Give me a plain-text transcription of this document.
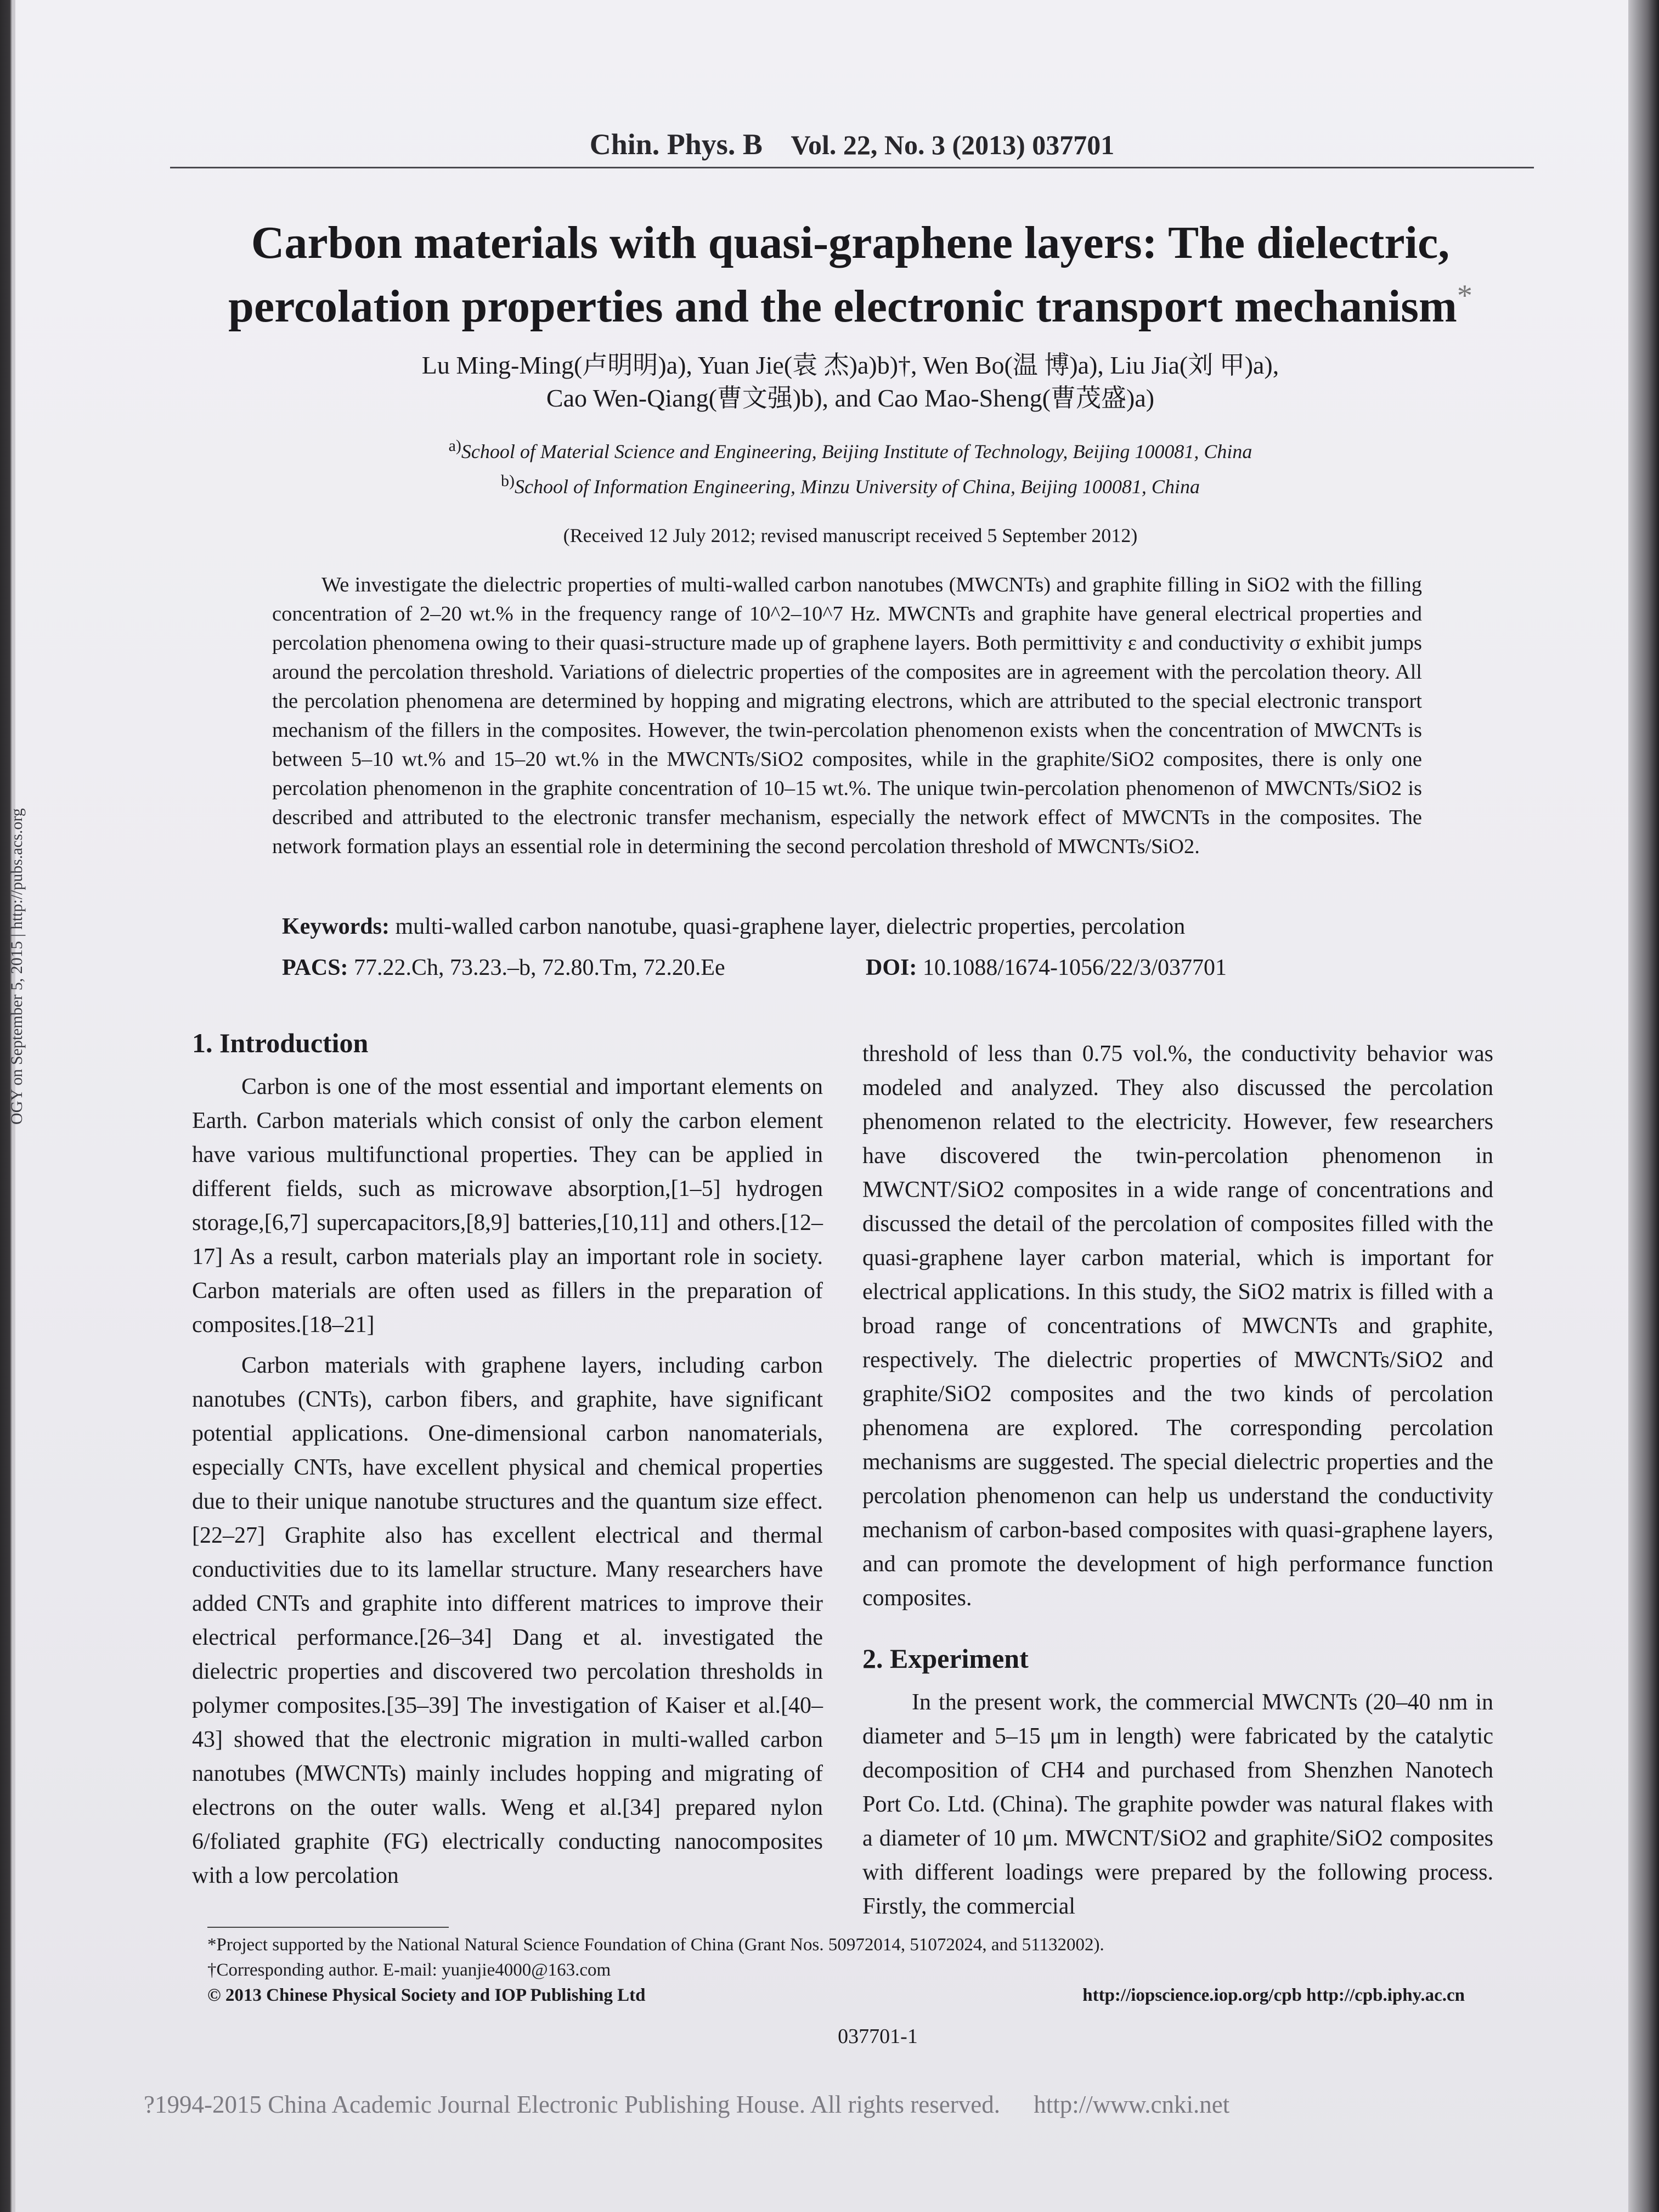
OGY on September 5, 2015 | http://pubs.acs.org
Chin. Phys. B Vol. 22, No. 3 (2013) 037701
Carbon materials with quasi-graphene layers: The dielectric,
percolation properties and the electronic transport mechanism*
Lu Ming-Ming(卢明明)a), Yuan Jie(袁 杰)a)b)†, Wen Bo(温 博)a), Liu Jia(刘 甲)a),
Cao Wen-Qiang(曹文强)b), and Cao Mao-Sheng(曹茂盛)a)
$^{a)}$School of Material Science and Engineering, Beijing Institute of Technology, Beijing 100081, China
$^{b)}$School of Information Engineering, Minzu University of China, Beijing 100081, China
(Received 12 July 2012; revised manuscript received 5 September 2012)
We investigate the dielectric properties of multi-walled carbon nanotubes (MWCNTs) and graphite filling in SiO2 with the filling concentration of 2–20 wt.% in the frequency range of 10^2–10^7 Hz. MWCNTs and graphite have general electrical properties and percolation phenomena owing to their quasi-structure made up of graphene layers. Both permittivity ε and conductivity σ exhibit jumps around the percolation threshold. Variations of dielectric properties of the composites are in agreement with the percolation theory. All the percolation phenomena are determined by hopping and migrating electrons, which are attributed to the special electronic transport mechanism of the fillers in the composites. However, the twin-percolation phenomenon exists when the concentration of MWCNTs is between 5–10 wt.% and 15–20 wt.% in the MWCNTs/SiO2 composites, while in the graphite/SiO2 composites, there is only one percolation phenomenon in the graphite concentration of 10–15 wt.%. The unique twin-percolation phenomenon of MWCNTs/SiO2 is described and attributed to the electronic transfer mechanism, especially the network effect of MWCNTs in the composites. The network formation plays an essential role in determining the second percolation threshold of MWCNTs/SiO2.
Keywords: multi-walled carbon nanotube, quasi-graphene layer, dielectric properties, percolation
PACS: 77.22.Ch, 73.23.–b, 72.80.Tm, 72.20.Ee	DOI: 10.1088/1674-1056/22/3/037701
1. Introduction

Carbon is one of the most essential and important elements on Earth. Carbon materials which consist of only the carbon element have various multifunctional properties. They can be applied in different fields, such as microwave absorption,[1–5] hydrogen storage,[6,7] supercapacitors,[8,9] batteries,[10,11] and others.[12–17] As a result, carbon materials play an important role in society. Carbon materials are often used as fillers in the preparation of composites.[18–21]

Carbon materials with graphene layers, including carbon nanotubes (CNTs), carbon fibers, and graphite, have significant potential applications. One-dimensional carbon nanomaterials, especially CNTs, have excellent physical and chemical properties due to their unique nanotube structures and the quantum size effect.[22–27] Graphite also has excellent electrical and thermal conductivities due to its lamellar structure. Many researchers have added CNTs and graphite into different matrices to improve their electrical performance.[26–34] Dang et al. investigated the dielectric properties and discovered two percolation thresholds in polymer composites.[35–39] The investigation of Kaiser et al.[40–43] showed that the electronic migration in multi-walled carbon nanotubes (MWCNTs) mainly includes hopping and migrating of electrons on the outer walls. Weng et al.[34] prepared nylon 6/foliated graphite (FG) electrically conducting nanocomposites with a low percolation

threshold of less than 0.75 vol.%, the conductivity behavior was modeled and analyzed. They also discussed the percolation phenomenon related to the electricity. However, few researchers have discovered the twin-percolation phenomenon in MWCNT/SiO2 composites in a wide range of concentrations and discussed the detail of the percolation of composites filled with the quasi-graphene layer carbon material, which is important for electrical applications. In this study, the SiO2 matrix is filled with a broad range of concentrations of MWCNTs and graphite, respectively. The dielectric properties of MWCNTs/SiO2 and graphite/SiO2 composites and the two kinds of percolation phenomena are explored. The corresponding percolation mechanisms are suggested. The special dielectric properties and the percolation phenomenon can help us understand the conductivity mechanism of carbon-based composites with quasi-graphene layers, and can promote the development of high performance function composites.

2. Experiment

In the present work, the commercial MWCNTs (20–40 nm in diameter and 5–15 μm in length) were fabricated by the catalytic decomposition of CH4 and purchased from Shenzhen Nanotech Port Co. Ltd. (China). The graphite powder was natural flakes with a diameter of 10 μm. MWCNT/SiO2 and graphite/SiO2 composites with different loadings were prepared by the following process. Firstly, the commercial

*Project supported by the National Natural Science Foundation of China (Grant Nos. 50972014, 51072024, and 51132002).
†Corresponding author. E-mail: yuanjie4000@163.com
© 2013 Chinese Physical Society and IOP Publishing Ltd	http://iopscience.iop.org/cpb http://cpb.iphy.ac.cn
037701-1
?1994-2015 China Academic Journal Electronic Publishing House. All rights reserved. http://www.cnki.net
